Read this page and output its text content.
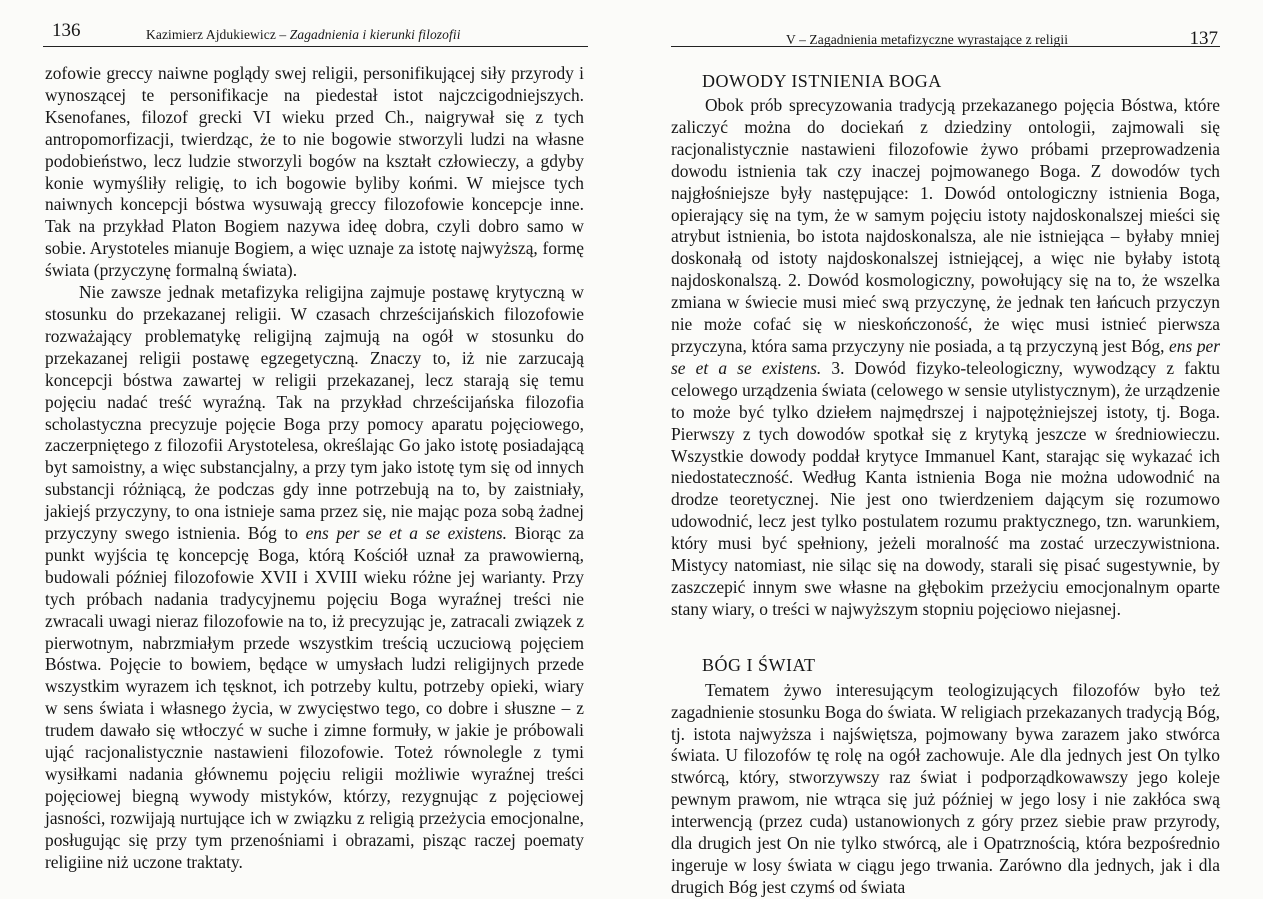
136	Kazimierz Ajdukiewicz – Zagadnienia i kierunki filozofii

zofowie greccy naiwne poglądy swej religii, personifikującej siły przyrody i wynoszącej te personifikacje na piedestał istot najczcigodniejszych. Ksenofanes, filozof grecki VI wieku przed Ch., naigrywał się z tych antropomorfizacji, twierdząc, że to nie bogowie stworzyli ludzi na własne podobieństwo, lecz ludzie stworzyli bogów na kształt człowieczy, a gdyby konie wymyśliły religię, to ich bogowie byliby końmi. W miejsce tych naiwnych koncepcji bóstwa wysuwają greccy filozofowie koncepcje inne. Tak na przykład Platon Bogiem nazywa ideę dobra, czyli dobro samo w sobie. Arystoteles mianuje Bogiem, a więc uznaje za istotę najwyższą, formę świata (przyczynę formalną świata).

Nie zawsze jednak metafizyka religijna zajmuje postawę krytyczną w stosunku do przekazanej religii. W czasach chrześcijańskich filozofowie rozważający problematykę religijną zajmują na ogół w stosunku do przekazanej religii postawę egzegetyczną. Znaczy to, iż nie zarzucają koncepcji bóstwa zawartej w religii przekazanej, lecz starają się temu pojęciu nadać treść wyraźną. Tak na przykład chrześcijańska filozofia scholastyczna precyzuje pojęcie Boga przy pomocy aparatu pojęciowego, zaczerpniętego z filozofii Arystotelesa, określając Go jako istotę posiadającą byt samoistny, a więc substancjalny, a przy tym jako istotę tym się od innych substancji różniącą, że podczas gdy inne potrzebują na to, by zaistniały, jakiejś przyczyny, to ona istnieje sama przez się, nie mając poza sobą żadnej przyczyny swego istnienia. Bóg to ens per se et a se existens. Biorąc za punkt wyjścia tę koncepcję Boga, którą Kościół uznał za prawowierną, budowali później filozofowie XVII i XVIII wieku różne jej warianty. Przy tych próbach nadania tradycyjnemu pojęciu Boga wyraźnej treści nie zwracali uwagi nieraz filozofowie na to, iż precyzując je, zatracali związek z pierwotnym, nabrzmiałym przede wszystkim treścią uczuciową pojęciem Bóstwa. Pojęcie to bowiem, będące w umysłach ludzi religijnych przede wszystkim wyrazem ich tęsknot, ich potrzeby kultu, potrzeby opieki, wiary w sens świata i własnego życia, w zwycięstwo tego, co dobre i słuszne – z trudem dawało się wtłoczyć w suche i zimne formuły, w jakie je próbowali ująć racjonalistycznie nastawieni filozofowie. Toteż równolegle z tymi wysiłkami nadania głównemu pojęciu religii możliwie wyraźnej treści pojęciowej biegną wywody mistyków, którzy, rezygnując z pojęciowej jasności, rozwijają nurtujące ich w związku z religią przeżycia emocjonalne, posługując się przy tym przenośniami i obrazami, pisząc raczej poematy religiine niż uczone traktaty.

V – Zagadnienia metafizyczne wyrastające z religii	137
DOWODY ISTNIENIA BOGA

Obok prób sprecyzowania tradycją przekazanego pojęcia Bóstwa, które zaliczyć można do dociekań z dziedziny ontologii, zajmowali się racjonalistycznie nastawieni filozofowie żywo próbami przeprowadzenia dowodu istnienia tak czy inaczej pojmowanego Boga. Z dowodów tych najgłośniejsze były następujące: 1. Dowód ontologiczny istnienia Boga, opierający się na tym, że w samym pojęciu istoty najdoskonalszej mieści się atrybut istnienia, bo istota najdoskonalsza, ale nie istniejąca – byłaby mniej doskonałą od istoty najdoskonalszej istniejącej, a więc nie byłaby istotą najdoskonalszą. 2. Dowód kosmologiczny, powołujący się na to, że wszelka zmiana w świecie musi mieć swą przyczynę, że jednak ten łańcuch przyczyn nie może cofać się w nieskończoność, że więc musi istnieć pierwsza przyczyna, która sama przyczyny nie posiada, a tą przyczyną jest Bóg, ens per se et a se existens. 3. Dowód fizyko-teleologiczny, wywodzący z faktu celowego urządzenia świata (celowego w sensie utylistycznym), że urządzenie to może być tylko dziełem najmędrszej i najpotężniejszej istoty, tj. Boga. Pierwszy z tych dowodów spotkał się z krytyką jeszcze w średniowieczu. Wszystkie dowody poddał krytyce Immanuel Kant, starając się wykazać ich niedostateczność. Według Kanta istnienia Boga nie można udowodnić na drodze teoretycznej. Nie jest ono twierdzeniem dającym się rozumowo udowodnić, lecz jest tylko postulatem rozumu praktycznego, tzn. warunkiem, który musi być spełniony, jeżeli moralność ma zostać urzeczywistniona. Mistycy natomiast, nie siląc się na dowody, starali się pisać sugestywnie, by zaszczepić innym swe własne na głębokim przeżyciu emocjonalnym oparte stany wiary, o treści w najwyższym stopniu pojęciowo niejasnej.

BÓG I ŚWIAT

Tematem żywo interesującym teologizujących filozofów było też zagadnienie stosunku Boga do świata. W religiach przekazanych tradycją Bóg, tj. istota najwyższa i najświętsza, pojmowany bywa zarazem jako stwórca świata. U filozofów tę rolę na ogół zachowuje. Ale dla jednych jest On tylko stwórcą, który, stworzywszy raz świat i podporządkowawszy jego koleje pewnym prawom, nie wtrąca się już później w jego losy i nie zakłóca swą interwencją (przez cuda) ustanowionych z góry przez siebie praw przyrody, dla drugich jest On nie tylko stwórcą, ale i Opatrznością, która bezpośrednio ingeruje w losy świata w ciągu jego trwania. Zarówno dla jednych, jak i dla drugich Bóg jest czymś od świata
